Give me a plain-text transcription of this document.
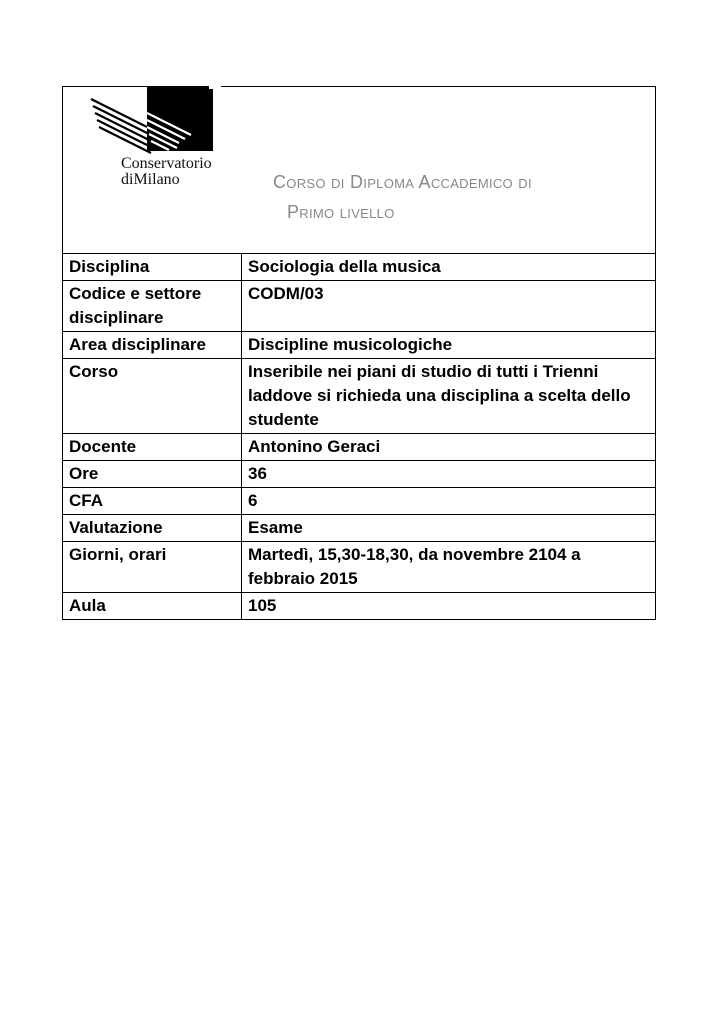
Conservatorio
diMilano	Corso di Diploma Accademico di
Primo livello
Disciplina	Sociologia della musica
Codice e settore disciplinare	CODM/03
Area disciplinare	Discipline musicologiche
Corso	Inseribile nei piani di studio di tutti i Trienni laddove si richieda una disciplina a scelta dello studente
Docente	Antonino Geraci
Ore	36
CFA	6
Valutazione	Esame
Giorni, orari	Martedì, 15,30-18,30, da novembre 2104 a febbraio 2015
Aula	105
